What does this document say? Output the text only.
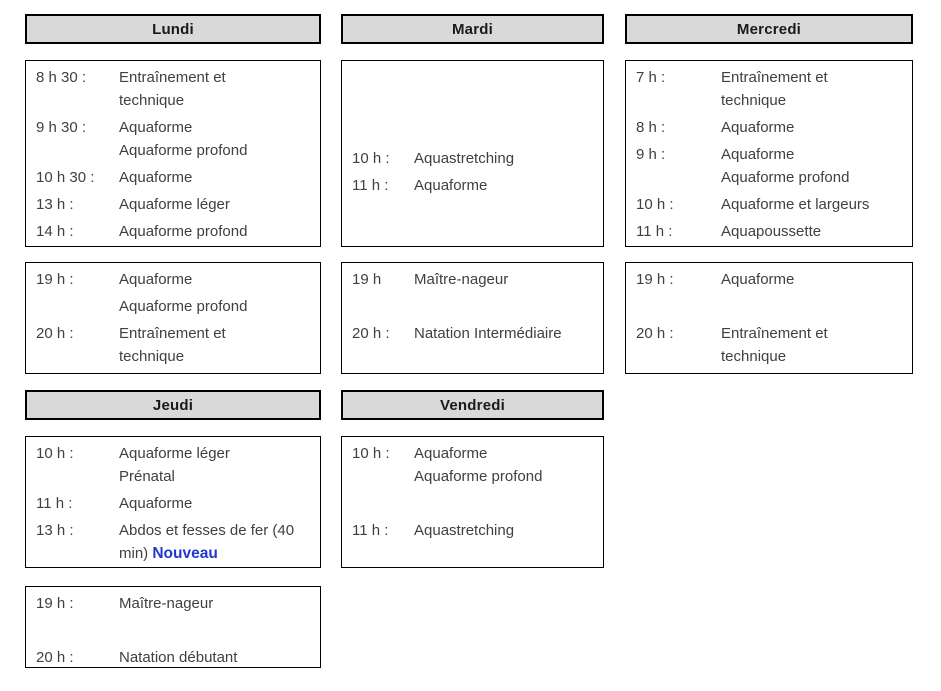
Lundi
8 h 30 :	Entraînement et
technique
9 h 30 :	Aquaforme
Aquaforme profond
10 h 30 :	Aquaforme
13 h :	Aquaforme léger
14 h :	Aquaforme profond
19 h :	Aquaforme
Aquaforme profond
20 h :	Entraînement et
technique
Jeudi
10 h :	Aquaforme léger
Prénatal
11 h :	Aquaforme
13 h :	Abdos et fesses de fer (40
min) Nouveau
19 h :	Maître-nageur
20 h :	Natation débutant
Mardi
10 h :	Aquastretching
11 h :	Aquaforme
19 h	Maître-nageur
20 h :	Natation Intermédiaire
Vendredi
10 h :	Aquaforme
Aquaforme profond
11 h :	Aquastretching
Mercredi
7 h :	Entraînement et
technique
8 h :	Aquaforme
9 h :	Aquaforme
Aquaforme profond
10 h :	Aquaforme et largeurs
11 h :	Aquapoussette
19 h :	Aquaforme
20 h :	Entraînement et
technique
